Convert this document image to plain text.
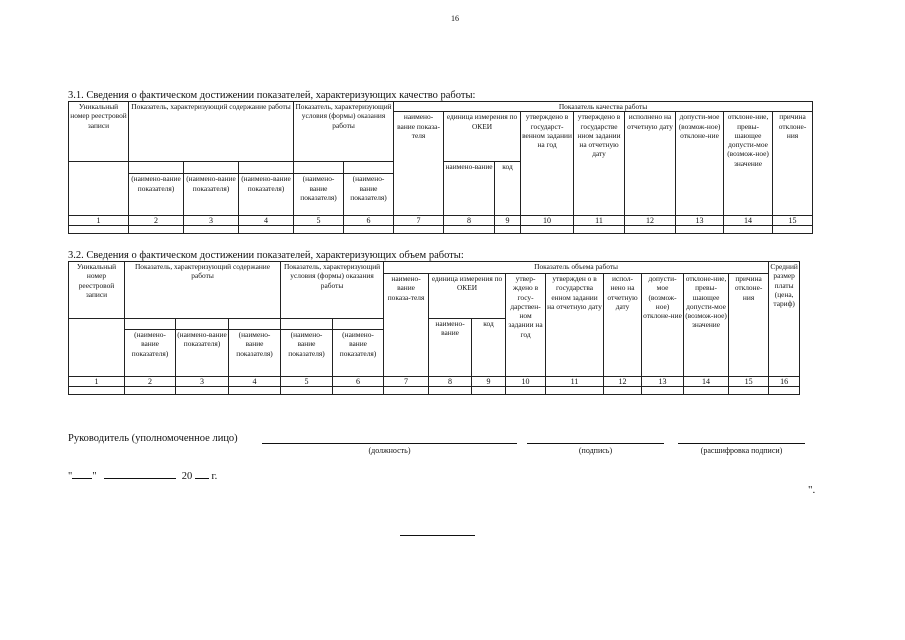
16
3.1. Сведения о фактическом достижении показателей, характеризующих качество работы:
Уникальный номер реестровой записи	Показатель, характеризующий содержание работы			Показатель, характеризующий условия (формы) оказания работы		Показатель качества работы								
						наимено-вание показа-теля	единица измерения по ОКЕИ		утверждено в государст-венном задании на год	утверждено в государстве нном задании на отчетную дату	исполнено на отчетную дату	допусти-мое (возмож-ное) отклоне-ние	отклоне-ние, превы-шающее допусти-мое (возмож-ное) значение	причина отклоне-ния
							наимено-вание	код						
	(наимено-вание показателя)	(наимено-вание показателя)	(наимено-вание показателя)	(наимено-вание показателя)	(наимено-вание показателя)									
1	2	3	4	5	6	7	8	9	10	11	12	13	14	15

3.2. Сведения о фактическом достижении показателей, характеризующих объем работы:
Уникальный номер реестровой записи	Показатель, характеризующий содержание работы			Показатель, характеризующий условия (формы) оказания работы		Показатель объема работы									Средний размер платы (цена, тариф)
						наимено-вание показа-теля	единица измерения по ОКЕИ		утвер-ждено в госу-дарствен-ном задании на год	утвержден о в государства енном задании на отчетную дату	испол-нено на отчетную дату	допусти-мое (возмож-ное) отклоне-ние	отклоне-ние, превы-шающее допусти-мое (возмож-ное) значение	причина отклоне-ния	
							наимено-вание	код							
	(наимено-вание показателя)	(наимено-вание показателя)	(наимено-вание показателя)	(наимено-вание показателя)	(наимено-вание показателя)										
1	2	3	4	5	6	7	8	9	10	11	12	13	14	15	16

Руководитель (уполномоченное лицо)
(должность)	(подпись)	(расшифровка подписи)
" "	20 г.
".
